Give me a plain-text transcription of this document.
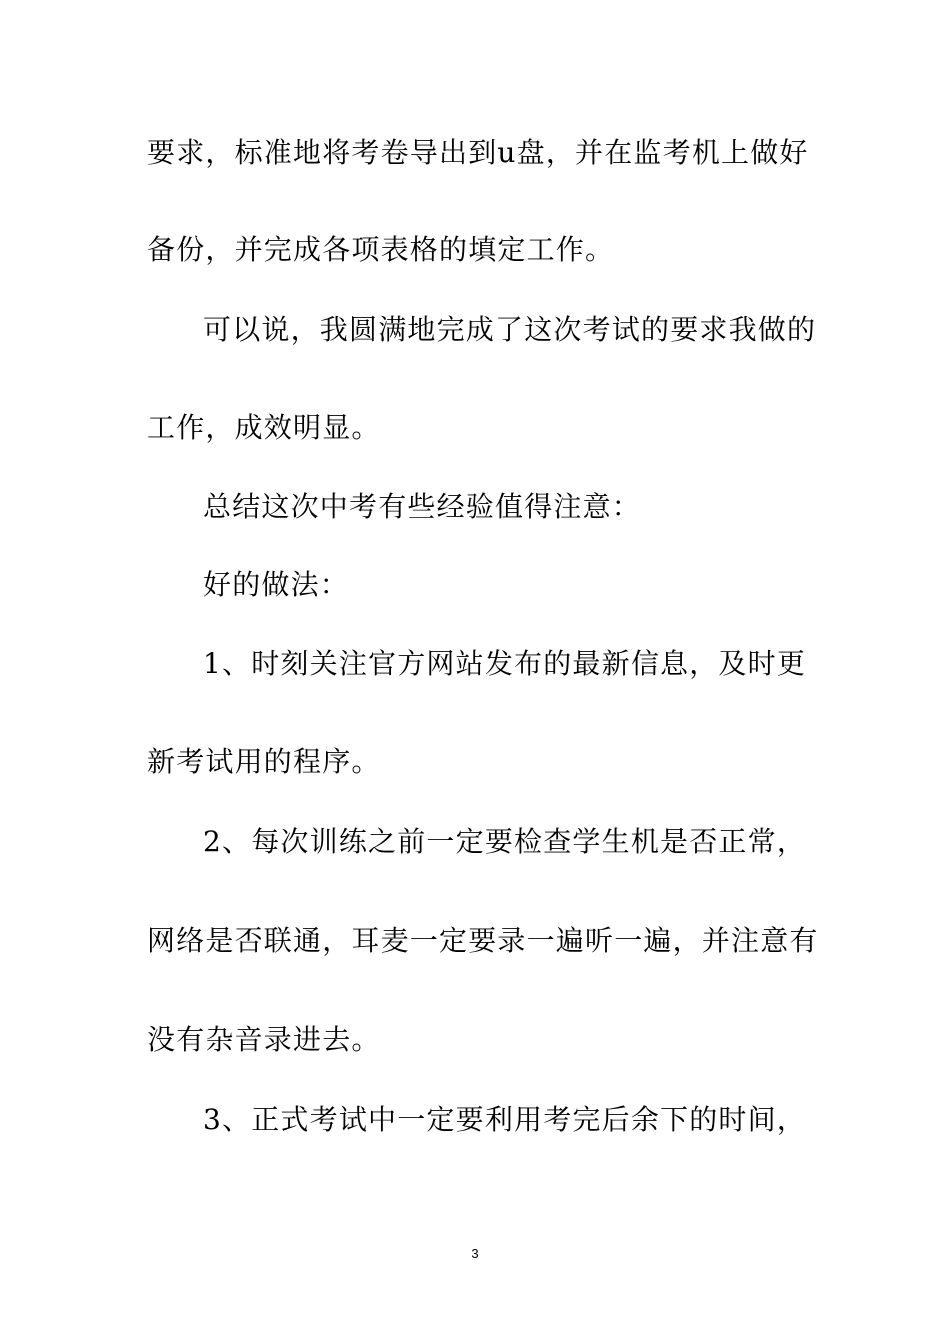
要求，标准地将考卷导出到u盘，并在监考机上做好
备份，并完成各项表格的填定工作。
可以说，我圆满地完成了这次考试的要求我做的
工作，成效明显。
总结这次中考有些经验值得注意：
好的做法：
1、时刻关注官方网站发布的最新信息，及时更
新考试用的程序。
2、每次训练之前一定要检查学生机是否正常，
网络是否联通，耳麦一定要录一遍听一遍，并注意有
没有杂音录进去。
3、正式考试中一定要利用考完后余下的时间，
3
